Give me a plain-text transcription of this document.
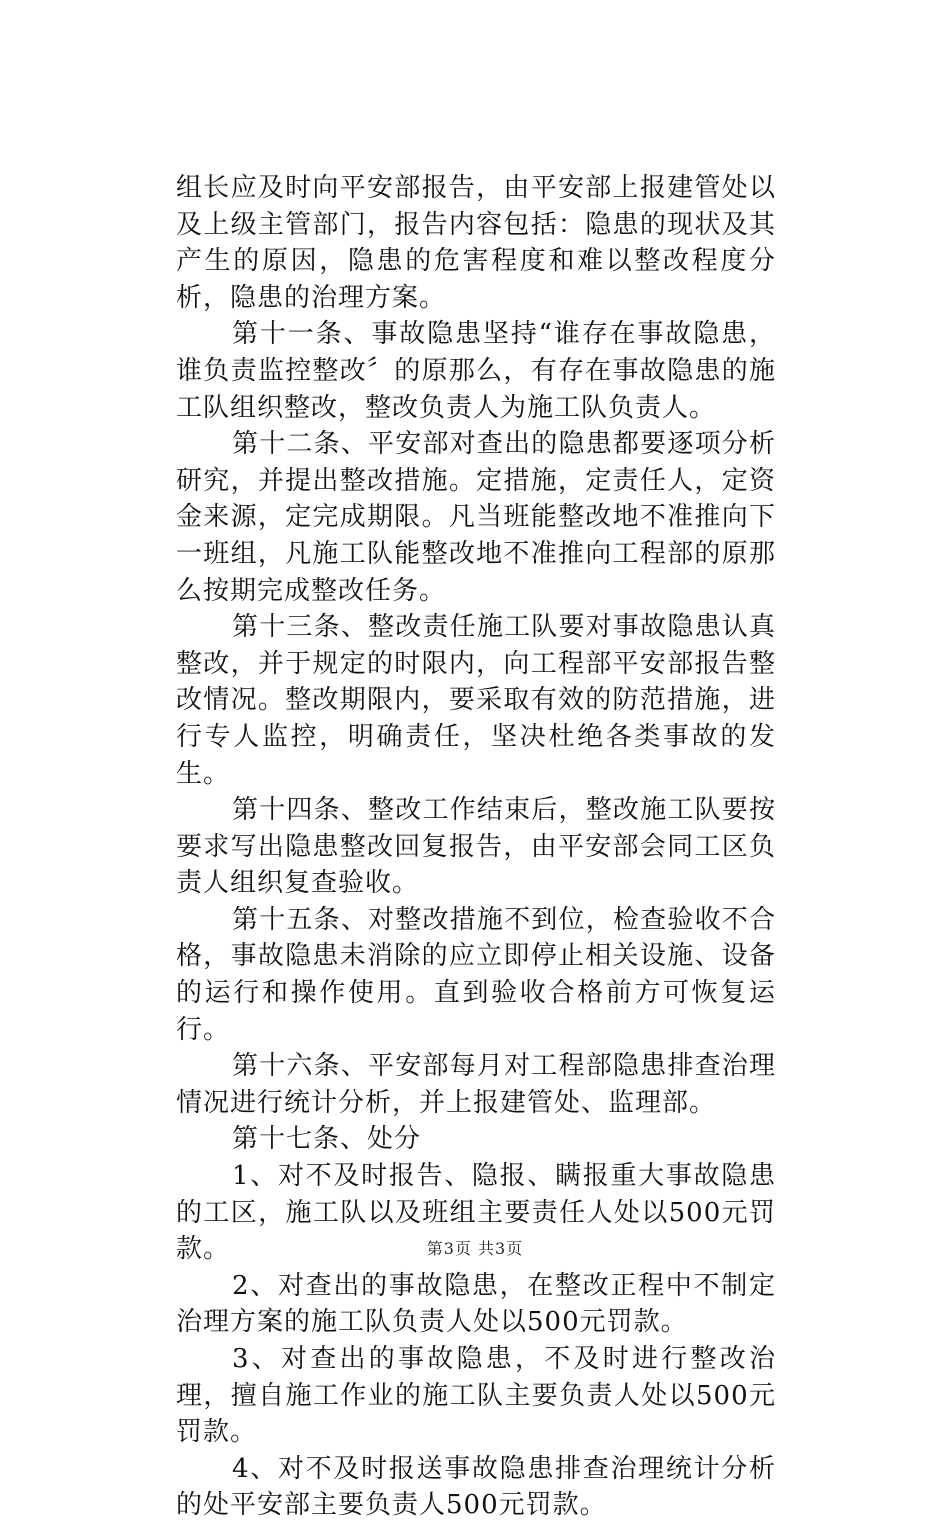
组长应及时向平安部报告，由平安部上报建管处以及上级主管部门，报告内容包括：隐患的现状及其产生的原因，隐患的危害程度和难以整改程度分析，隐患的治理方案。

第十一条、事故隐患坚持“谁存在事故隐患，谁负责监控整改〞的原那么，有存在事故隐患的施工队组织整改，整改负责人为施工队负责人。

第十二条、平安部对查出的隐患都要逐项分析研究，并提出整改措施。定措施，定责任人，定资金来源，定完成期限。凡当班能整改地不准推向下一班组，凡施工队能整改地不准推向工程部的原那么按期完成整改任务。

第十三条、整改责任施工队要对事故隐患认真整改，并于规定的时限内，向工程部平安部报告整改情况。整改期限内，要采取有效的防范措施，进行专人监控，明确责任，坚决杜绝各类事故的发生。

第十四条、整改工作结束后，整改施工队要按要求写出隐患整改回复报告，由平安部会同工区负责人组织复查验收。

第十五条、对整改措施不到位，检查验收不合格，事故隐患未消除的应立即停止相关设施、设备的运行和操作使用。直到验收合格前方可恢复运行。

第十六条、平安部每月对工程部隐患排查治理情况进行统计分析，并上报建管处、监理部。

第十七条、处分

1、对不及时报告、隐报、瞒报重大事故隐患的工区，施工队以及班组主要责任人处以500元罚款。

2、对查出的事故隐患，在整改正程中不制定治理方案的施工队负责人处以500元罚款。

3、对查出的事故隐患，不及时进行整改治理，擅自施工作业的施工队主要负责人处以500元罚款。

4、对不及时报送事故隐患排查治理统计分析的处平安部主要负责人500元罚款。

第3页 共3页
